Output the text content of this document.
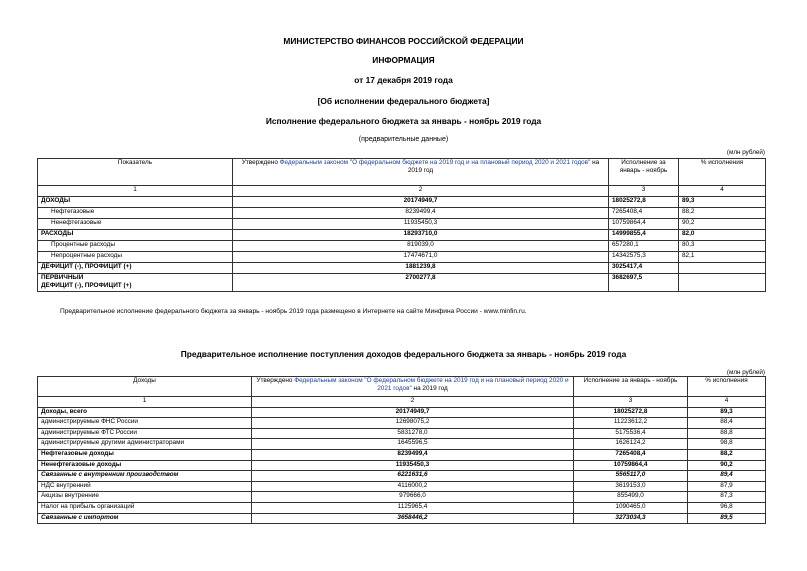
МИНИСТЕРСТВО ФИНАНСОВ РОССИЙСКОЙ ФЕДЕРАЦИИ
ИНФОРМАЦИЯ
от 17 декабря 2019 года
[Об исполнении федерального бюджета]
Исполнение федерального бюджета за январь - ноябрь 2019 года
(предварительные данные)
(млн рублей)
Показатель	Утверждено Федеральным законом "О федеральном бюджете на 2019 год и на плановый период 2020 и 2021 годов" на 2019 год	Исполнение за январь - ноябрь	% исполнения
1	2	3	4
ДОХОДЫ	20174949,7	18025272,8	89,3
Нефтегазовые	8239499,4	7265408,4	88,2
Ненефтегазовые	11935450,3	10759864,4	90,2
РАСХОДЫ	18293710,0	14999855,4	82,0
Процентные расходы	819039,0	657280,1	80,3
Непроцентные расходы	17474671,0	14342575,3	82,1
ДЕФИЦИТ (-), ПРОФИЦИТ (+)	1881239,8	3025417,4	

ПЕРВИЧНЫЙ
ДЕФИЦИТ (-), ПРОФИЦИТ (+)	2700277,8	3682697,5	
Предварительное исполнение федерального бюджета за январь - ноябрь 2019 года размещено в Интернете на сайте Минфина России - www.minfin.ru.
Предварительное исполнение поступления доходов федерального бюджета за январь - ноябрь 2019 года
(млн рублей)
Доходы	Утверждено Федеральным законом "О федеральном бюджете на 2019 год и на плановый период 2020 и 2021 годов" на 2019 год	Исполнение за январь - ноябрь	% исполнения
1	2	3	4
Доходы, всего	20174949,7	18025272,8	89,3
администрируемые ФНС России	12698075,2	11223612,2	88,4
администрируемые ФТС России	5831278,0	5175536,4	88,8
администрируемые другими администраторами	1645596,5	1626124,2	98,8
Нефтегазовые доходы	8239499,4	7265408,4	88,2
Ненефтегазовые доходы	11935450,3	10759864,4	90,2
Связанные с внутренним производством	6221631,6	5565117,0	89,4
НДС внутренний	4116000,2	3619153,0	87,9
Акцизы внутренние	979666,0	855499,0	87,3
Налог на прибыль организаций	1125965,4	1090465,0	96,8
Связанные с импортом	3658446,2	3273034,3	89,5
